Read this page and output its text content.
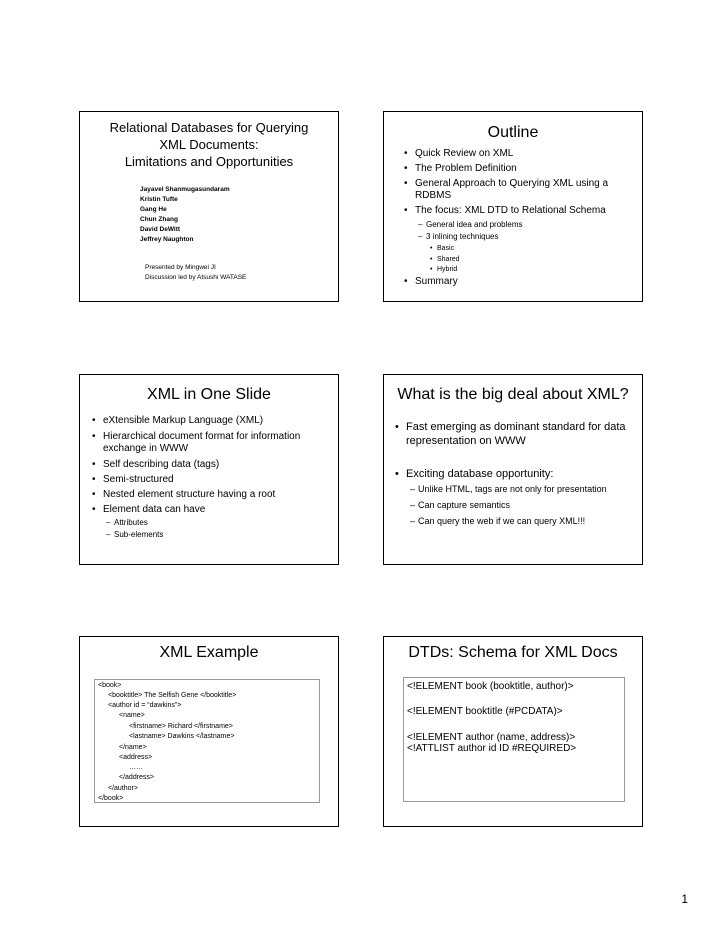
Relational Databases for Querying
XML Documents:
Limitations and Opportunities
Jayavel Shanmugasundaram
Kristin Tufte
Gang He
Chun Zhang
David DeWitt
Jeffrey Naughton
Presented by Mingwei JI
Discussion led by Atsushi WATASE
Outline
• Quick Review on XML
• The Problem Definition
• General Approach to Querying XML using a
RDBMS
• The focus: XML DTD to Relational Schema
– General idea and problems
– 3 inlining techniques
• Basic
• Shared
• Hybrid
• Summary
XML in One Slide
• eXtensible Markup Language (XML)
• Hierarchical document format for information
exchange in WWW
• Self describing data (tags)
• Semi-structured
• Nested element structure having a root
• Element data can have
– Attributes
– Sub-elements
What is the big deal about XML?
• Fast emerging as dominant standard for data
representation on WWW
• Exciting database opportunity:
– Unlike HTML, tags are not only for presentation
– Can capture semantics
– Can query the web if we can query XML!!!
XML Example
<book>
<booktitle> The Selfish Gene </booktitle>
<author id = “dawkins”>
<name>
<firstname> Richard </firstname>
<lastname> Dawkins </lastname>
</name>
<address>
……
</address>
</author>
</book>
DTDs: Schema for XML Docs
<!ELEMENT book (booktitle, author)>
<!ELEMENT booktitle (#PCDATA)>
<!ELEMENT author (name, address)>
<!ATTLIST author id ID #REQUIRED>
1
